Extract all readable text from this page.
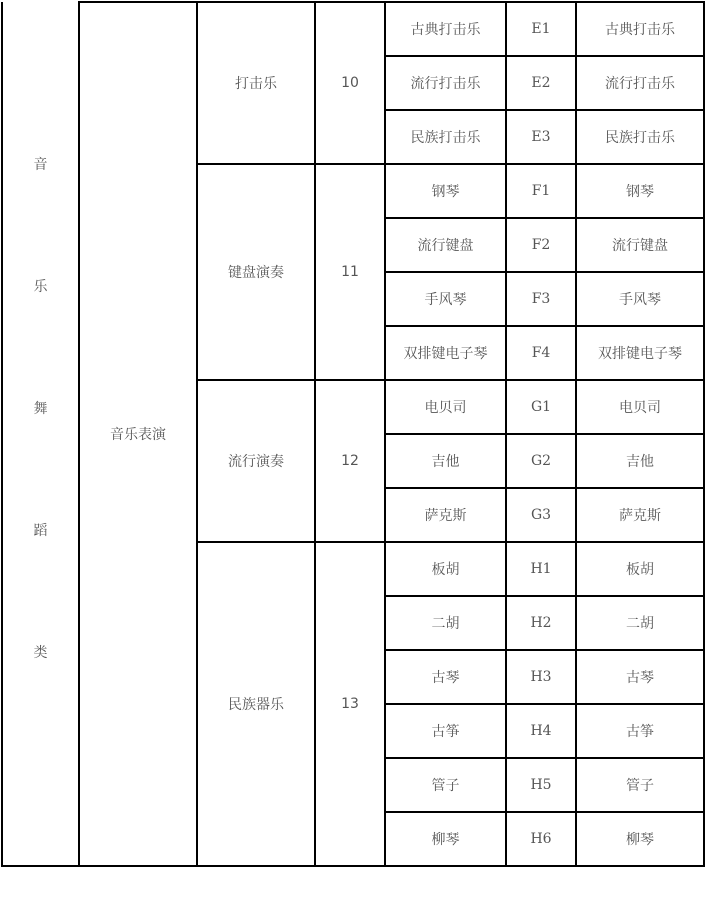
音
乐
舞
蹈
类	音乐表演	打击乐	10	古典打击乐	E1	古典打击乐
				流行打击乐	E2	流行打击乐
				民族打击乐	E3	民族打击乐
		键盘演奏	11	钢琴	F1	钢琴
				流行键盘	F2	流行键盘
				手风琴	F3	手风琴
				双排键电子琴	F4	双排键电子琴
		流行演奏	12	电贝司	G1	电贝司
				吉他	G2	吉他
				萨克斯	G3	萨克斯
		民族器乐	13	板胡	H1	板胡
				二胡	H2	二胡
				古琴	H3	古琴
				古筝	H4	古筝
				管子	H5	管子
				柳琴	H6	柳琴
